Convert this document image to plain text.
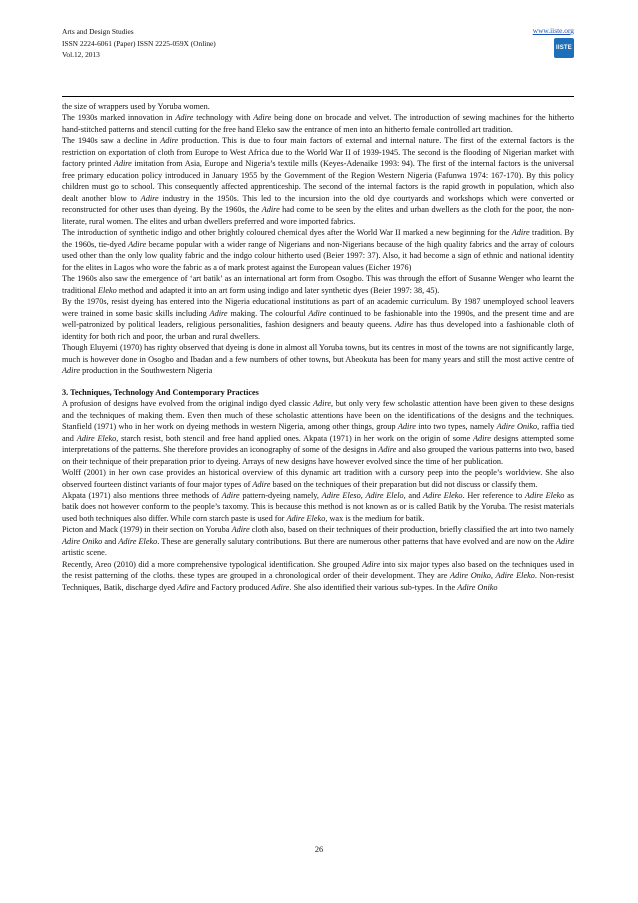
Arts and Design Studies
ISSN 2224-6061 (Paper) ISSN 2225-059X (Online)
Vol.12, 2013
www.iiste.org
IISTE

the size of wrappers used by Yoruba women.

The 1930s marked innovation in Adire technology with Adire being done on brocade and velvet. The introduction of sewing machines for the hitherto hand-stitched patterns and stencil cutting for the free hand Eleko saw the entrance of men into an hitherto female controlled art tradition.

The 1940s saw a decline in Adire production. This is due to four main factors of external and internal nature. The first of the external factors is the restriction on exportation of cloth from Europe to West Africa due to the World War II of 1939-1945. The second is the flooding of Nigerian market with factory printed Adire imitation from Asia, Europe and Nigeria’s textile mills (Keyes-Adenaike 1993: 94). The first of the internal factors is the universal free primary education policy introduced in January 1955 by the Government of the Region Western Nigeria (Fafunwa 1974: 167-170). By this policy children must go to school. This consequently affected apprenticeship. The second of the internal factors is the rapid growth in population, which also dealt another blow to Adire industry in the 1950s. This led to the incursion into the old dye courtyards and workshops which were converted or reconstructed for other uses than dyeing. By the 1960s, the Adire had come to be seen by the elites and urban dwellers as the cloth for the poor, the non-literate, rural women. The elites and urban dwellers preferred and wore imported fabrics.

The introduction of synthetic indigo and other brightly coloured chemical dyes after the World War II marked a new beginning for the Adire tradition. By the 1960s, tie-dyed Adire became popular with a wider range of Nigerians and non-Nigerians because of the high quality fabrics and the array of colours used other than the only low quality fabric and the indgo colour hitherto used (Beier 1997: 37). Also, it had become a sign of ethnic and national identity for the elites in Lagos who wore the fabric as a of mark protest against the European values (Eicher 1976)

The 1960s also saw the emergence of ‘art batik’ as an international art form from Osogbo. This was through the effort of Susanne Wenger who learnt the traditional Eleko method and adapted it into an art form using indigo and later synthetic dyes (Beier 1997: 38, 45).

By the 1970s, resist dyeing has entered into the Nigeria educational institutions as part of an academic curriculum. By 1987 unemployed school leavers were trained in some basic skills including Adire making. The colourful Adire continued to be fashionable into the 1990s, and the present time and are well-patronized by political leaders, religious personalities, fashion designers and beauty queens. Adire has thus developed into a fashionable cloth of identity for both rich and poor, the urban and rural dwellers.

Though Eluyemi (1970) has righty observed that dyeing is done in almost all Yoruba towns, but its centres in most of the towns are not significantly large, much is however done in Osogbo and Ibadan and a few numbers of other towns, but Abeokuta has been for many years and still the most active centre of Adire production in the Southwestern Nigeria

3. Techniques, Technology And Contemporary Practices

A profusion of designs have evolved from the original indigo dyed classic Adire, but only very few scholastic attention have been given to these designs and the techniques of making them. Even then much of these scholastic attentions have been on the identifications of the designs and the techniques. Stanfield (1971) who in her work on dyeing methods in western Nigeria, among other things, group Adire into two types, namely Adire Oniko, raffia tied and Adire Eleko, starch resist, both stencil and free hand applied ones. Akpata (1971) in her work on the origin of some Adire designs attempted some interpretations of the patterns. She therefore provides an iconography of some of the designs in Adire and also grouped the various patterns into two, based on their technique of their preparation prior to dyeing. Arrays of new designs have however evolved since the time of her publication.

Wolff (2001) in her own case provides an historical overview of this dynamic art tradition with a cursory peep into the people’s worldview. She also observed fourteen distinct variants of four major types of Adire based on the techniques of their preparation but did not discuss or classify them.

Akpata (1971) also mentions three methods of Adire pattern-dyeing namely, Adire Eleso, Adire Elelo, and Adire Eleko. Her reference to Adire Eleko as batik does not however conform to the people’s taxomy. This is because this method is not known as or is called Batik by the Yoruba. The resist materials used both techniques also differ. While corn starch paste is used for Adire Eleko, wax is the medium for batik.

Picton and Mack (1979) in their section on Yoruba Adire cloth also, based on their techniques of their production, briefly classified the art into two namely Adire Oniko and Adire Eleko. These are generally salutary contributions. But there are numerous other patterns that have evolved and are now on the Adire artistic scene.

Recently, Areo (2010) did a more comprehensive typological identification. She grouped Adire into six major types also based on the techniques used in the resist patterning of the cloths. these types are grouped in a chronological order of their development. They are Adire Oniko, Adire Eleko. Non-resist Techniques, Batik, discharge dyed Adire and Factory produced Adire. She also identified their various sub-types. In the Adire Oniko

26
